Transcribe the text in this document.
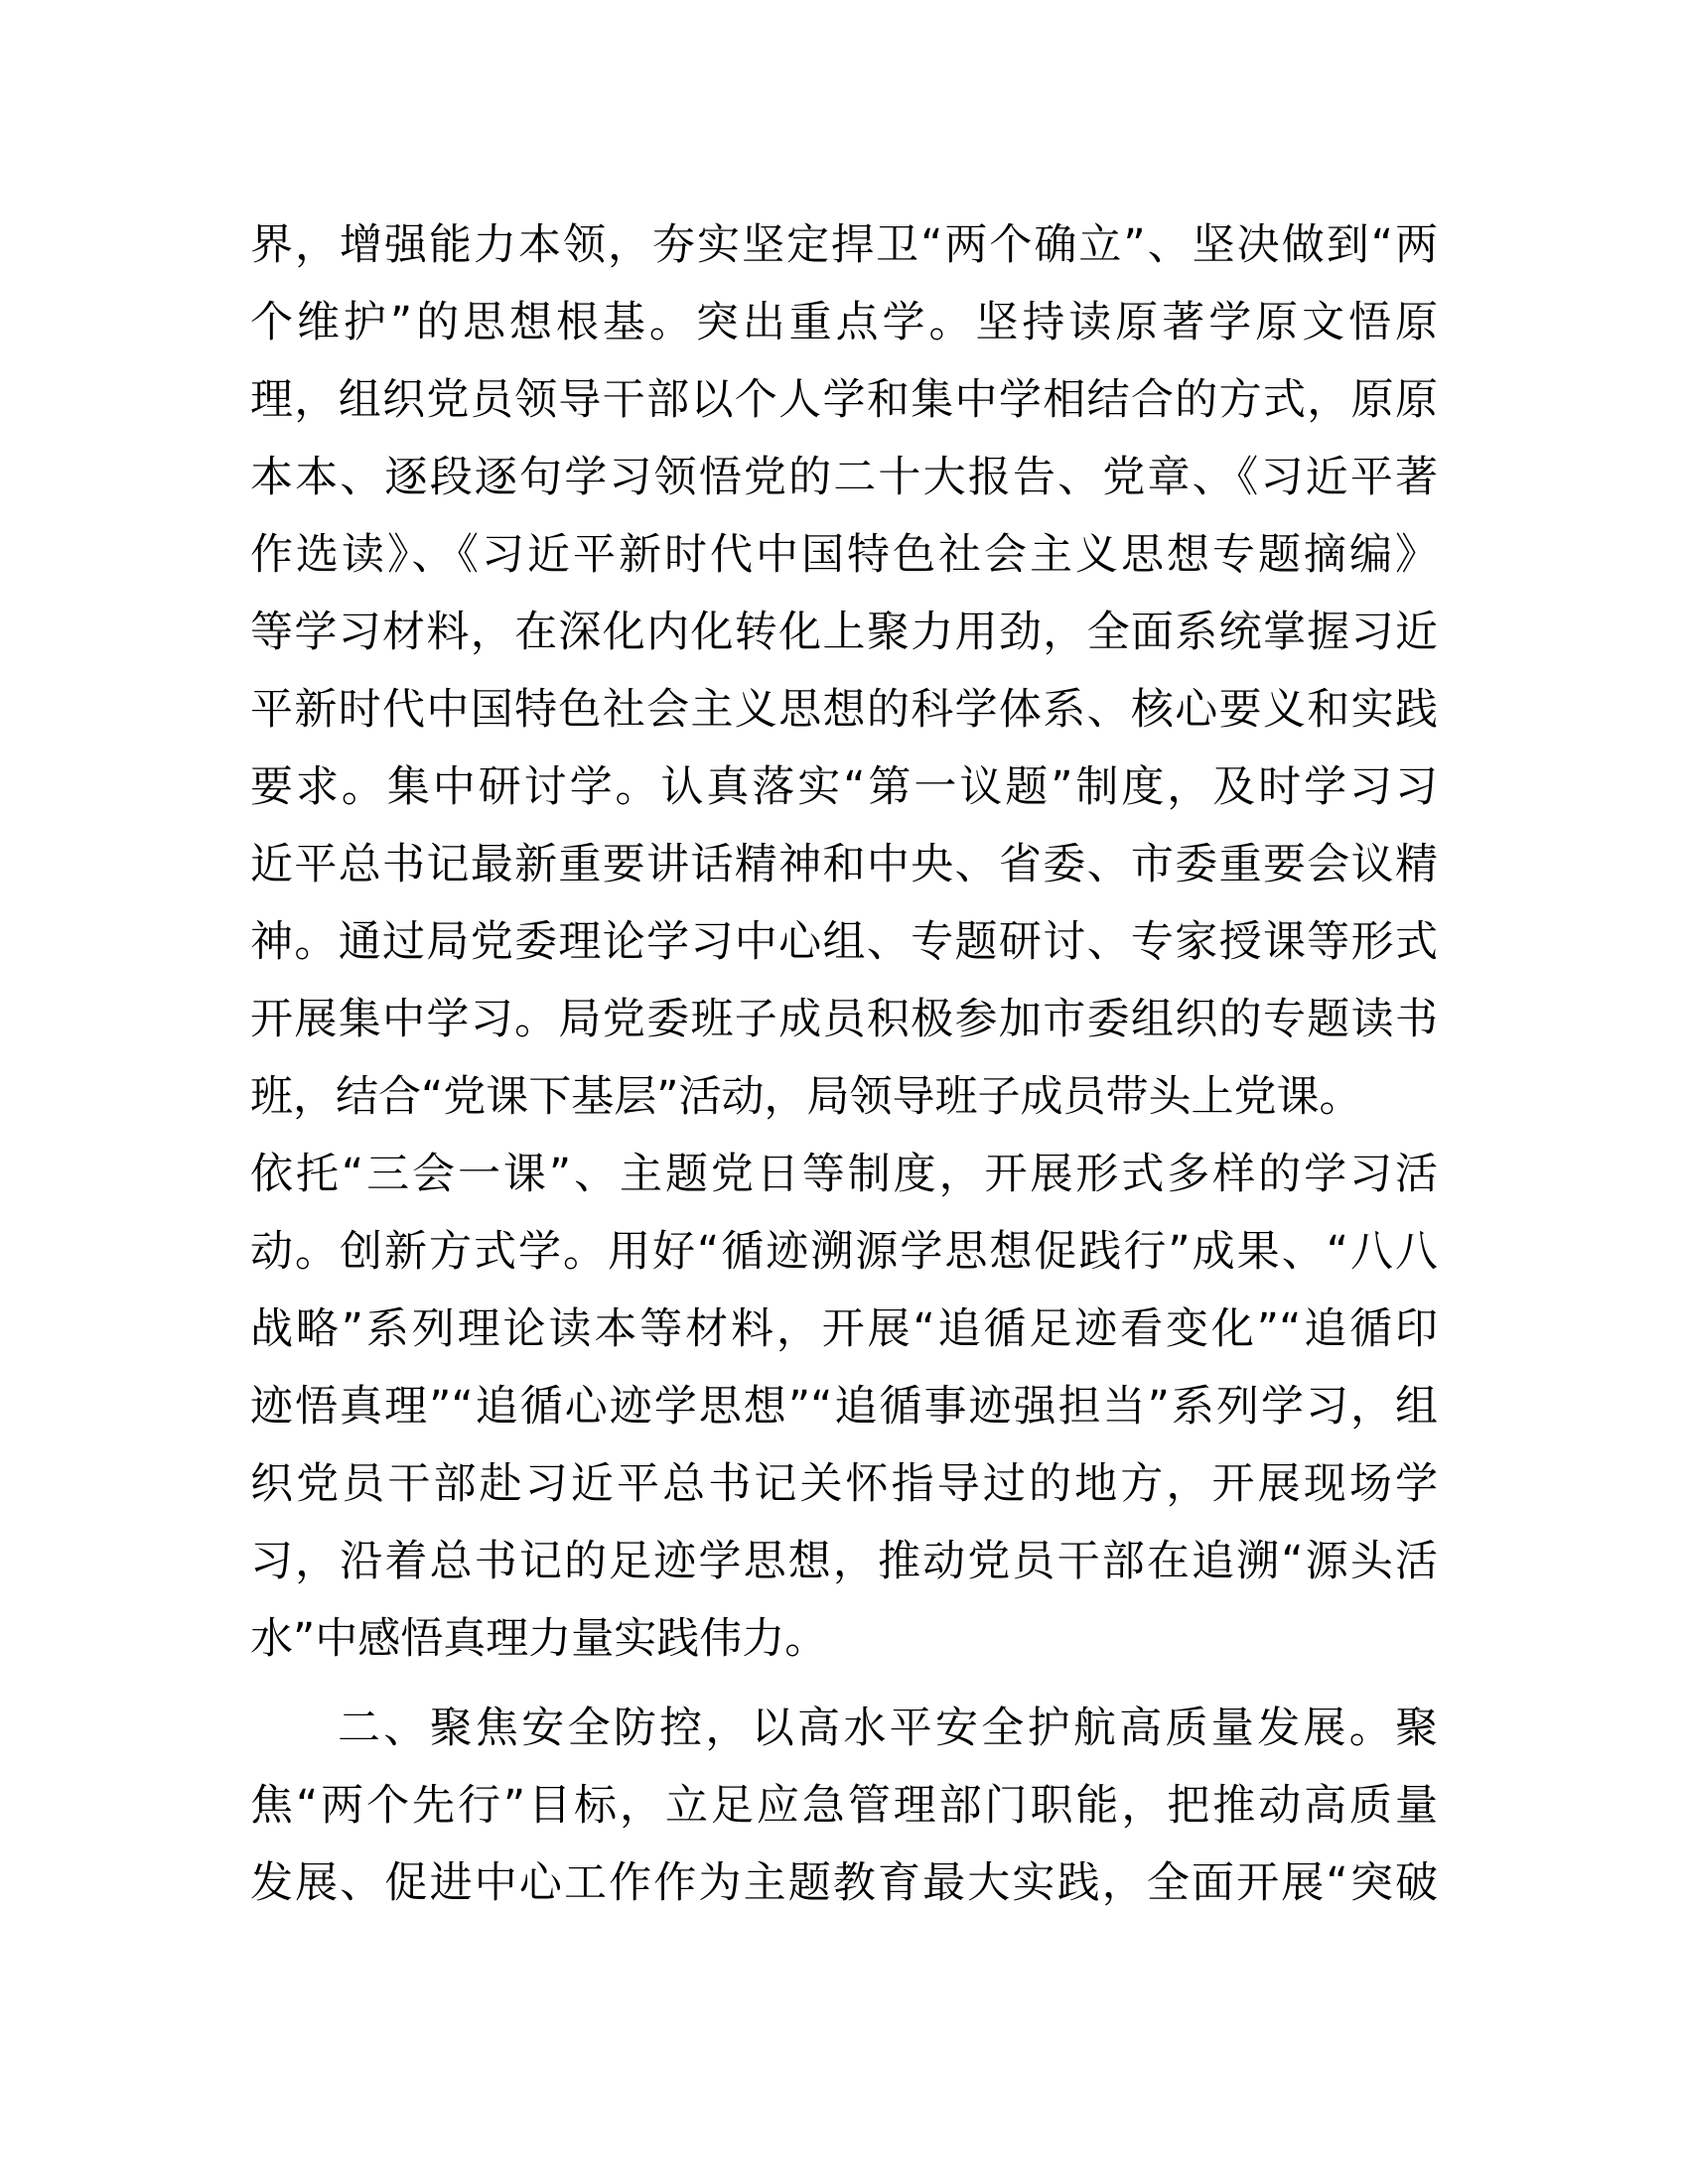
界，增强能力本领，夯实坚定捍卫“两个确立”、坚决做到“两
个维护”的思想根基。突出重点学。坚持读原著学原文悟原
理，组织党员领导干部以个人学和集中学相结合的方式，原原
本本、逐段逐句学习领悟党的二十大报告、党章、《习近平著
作选读》、《习近平新时代中国特色社会主义思想专题摘编》
等学习材料，在深化内化转化上聚力用劲，全面系统掌握习近
平新时代中国特色社会主义思想的科学体系、核心要义和实践
要求。集中研讨学。认真落实“第一议题”制度，及时学习习
近平总书记最新重要讲话精神和中央、省委、市委重要会议精
神。通过局党委理论学习中心组、专题研讨、专家授课等形式
开展集中学习。局党委班子成员积极参加市委组织的专题读书
班，结合“党课下基层”活动，局领导班子成员带头上党课。
依托“三会一课”、主题党日等制度，开展形式多样的学习活
动。创新方式学。用好“循迹溯源学思想促践行”成果、“八八
战略”系列理论读本等材料，开展“追循足迹看变化”“追循印
迹悟真理”“追循心迹学思想”“追循事迹强担当”系列学习，组
织党员干部赴习近平总书记关怀指导过的地方，开展现场学
习，沿着总书记的足迹学思想，推动党员干部在追溯“源头活
水”中感悟真理力量实践伟力。
二、聚焦安全防控，以高水平安全护航高质量发展。聚
焦“两个先行”目标，立足应急管理部门职能，把推动高质量
发展、促进中心工作作为主题教育最大实践，全面开展“突破
